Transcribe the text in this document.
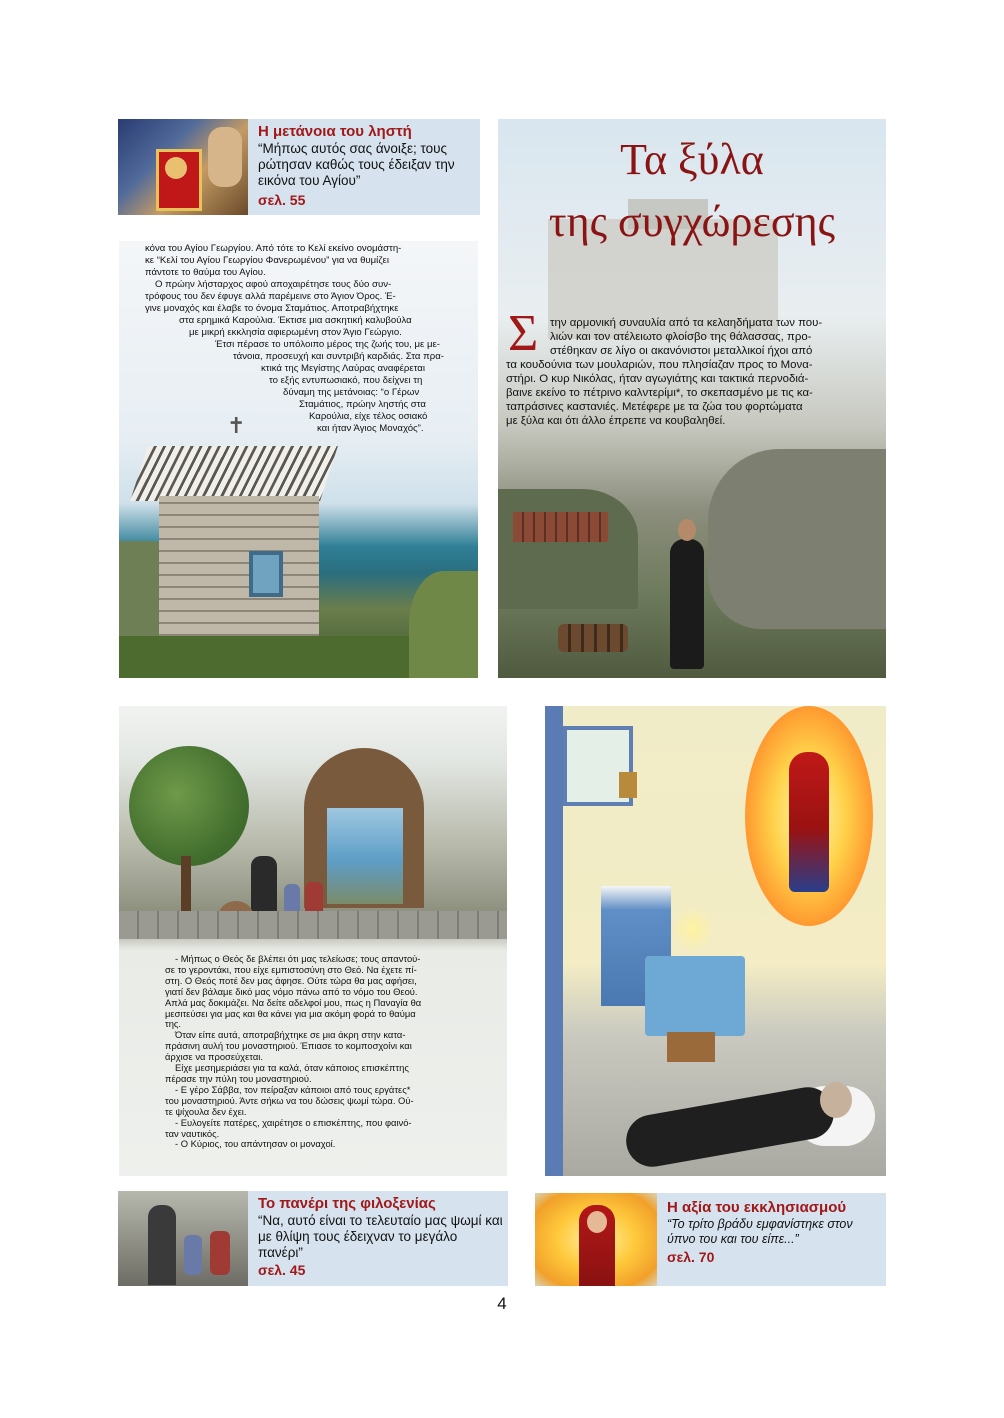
Η μετάνοια του ληστή
“Μήπως αυτός σας άνοιξε; τους ρώτησαν καθώς τους έδειξαν την εικόνα του Αγίου”
σελ. 55
✝
κόνα του Αγίου Γεωργίου. Από τότε το Κελί εκείνο ονομάστη-
κε “Κελί του Αγίου Γεωργίου Φανερωμένου” για να θυμίζει
πάντοτε το θαύμα του Αγίου.
Ο πρώην λήσταρχος αφού αποχαιρέτησε τους δύο συν-
τρόφους του δεν έφυγε αλλά παρέμεινε στο Άγιον Όρος. Έ-
γινε μοναχός και έλαβε το όνομα Σταμάτιος. Αποτραβήχτηκε
στα ερημικά Καρούλια. Έκτισε μια ασκητική καλυβούλα
με μικρή εκκλησία αφιερωμένη στον Άγιο Γεώργιο.
Έτσι πέρασε το υπόλοιπο μέρος της ζωής του, με με-
τάνοια, προσευχή και συντριβή καρδιάς. Στα πρα-
κτικά της Μεγίστης Λαύρας αναφέρεται
το εξής εντυπωσιακό, που δείχνει τη
δύναμη της μετάνοιας: “ο Γέρων
Σταμάτιος, πρώην ληστής στα
Καρούλια, είχε τέλος οσιακό
και ήταν Άγιος Μοναχός”.
Τα ξύλα
της συγχώρεσης
Σ την αρμονική συναυλία από τα κελαηδήματα των που-
λιών και τον ατέλειωτο φλοίσβο της θάλασσας, προ-
στέθηκαν σε λίγο οι ακανόνιστοι μεταλλικοί ήχοι από
τα κουδούνια των μουλαριών, που πλησίαζαν προς το Μονα-
στήρι. Ο κυρ Νικόλας, ήταν αγωγιάτης και τακτικά περνοδιά-
βαινε εκείνο το πέτρινο καλντερίμι*, το σκεπασμένο με τις κα-
ταπράσινες καστανιές. Μετέφερε με τα ζώα του φορτώματα
με ξύλα και ότι άλλο έπρεπε να κουβαληθεί.
- Μήπως ο Θεός δε βλέπει ότι μας τελείωσε; τους απαντού-
σε το γεροντάκι, που είχε εμπιστοσύνη στο Θεό. Να έχετε πί-
στη. Ο Θεός ποτέ δεν μας άφησε. Ούτε τώρα θα μας αφήσει,
γιατί δεν βάλαμε δικό μας νόμο πάνω από το νόμο του Θεού.
Απλά μας δοκιμάζει. Να δείτε αδελφοί μου, πως η Παναγία θα
μεσιτεύσει για μας και θα κάνει για μια ακόμη φορά το θαύμα
της.
Όταν είπε αυτά, αποτραβήχτηκε σε μια άκρη στην κατα-
πράσινη αυλή του μοναστηριού. Έπιασε το κομποσχοίνι και
άρχισε να προσεύχεται.
Είχε μεσημεριάσει για τα καλά, όταν κάποιος επισκέπτης
πέρασε την πύλη του μοναστηριού.
- Ε γέρο Σάββα, τον πείραξαν κάποιοι από τους εργάτες*
του μοναστηριού. Άντε σήκω να του δώσεις ψωμί τώρα. Ού-
τε ψίχουλα δεν έχει.
- Ευλογείτε πατέρες, χαιρέτησε ο επισκέπτης, που φαινό-
ταν ναυτικός.
- Ο Κύριος, του απάντησαν οι μοναχοί.
Το πανέρι της φιλοξενίας
“Να, αυτό είναι το τελευταίο μας ψωμί και με θλίψη τους έδειχναν το μεγάλο πανέρι”
σελ. 45
Η αξία του εκκλησιασμού
“Το τρίτο βράδυ εμφανίστηκε στον ύπνο του και του είπε...”
σελ. 70
4
